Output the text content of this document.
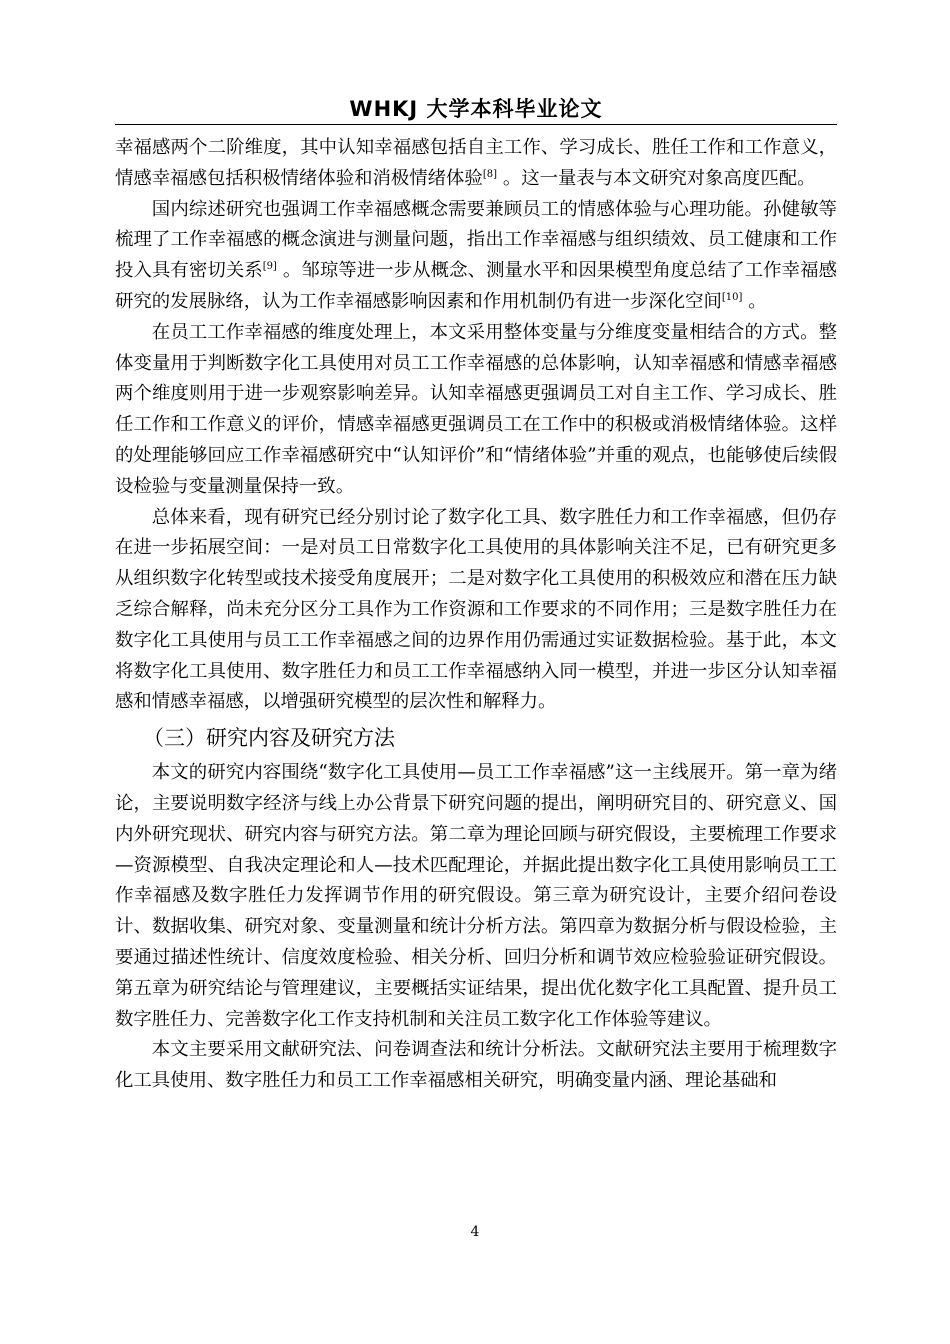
WHKJ 大学本科毕业论文

幸福感两个二阶维度，其中认知幸福感包括自主工作、学习成长、胜任工作和工作意义，情感幸福感包括积极情绪体验和消极情绪体验[8] 。这一量表与本文研究对象高度匹配。

国内综述研究也强调工作幸福感概念需要兼顾员工的情感体验与心理功能。孙健敏等梳理了工作幸福感的概念演进与测量问题，指出工作幸福感与组织绩效、员工健康和工作投入具有密切关系[9] 。邹琼等进一步从概念、测量水平和因果模型角度总结了工作幸福感研究的发展脉络，认为工作幸福感影响因素和作用机制仍有进一步深化空间[10] 。

在员工工作幸福感的维度处理上，本文采用整体变量与分维度变量相结合的方式。整体变量用于判断数字化工具使用对员工工作幸福感的总体影响，认知幸福感和情感幸福感两个维度则用于进一步观察影响差异。认知幸福感更强调员工对自主工作、学习成长、胜任工作和工作意义的评价，情感幸福感更强调员工在工作中的积极或消极情绪体验。这样的处理能够回应工作幸福感研究中“认知评价”和“情绪体验”并重的观点，也能够使后续假设检验与变量测量保持一致。

总体来看，现有研究已经分别讨论了数字化工具、数字胜任力和工作幸福感，但仍存在进一步拓展空间：一是对员工日常数字化工具使用的具体影响关注不足，已有研究更多从组织数字化转型或技术接受角度展开；二是对数字化工具使用的积极效应和潜在压力缺乏综合解释，尚未充分区分工具作为工作资源和工作要求的不同作用；三是数字胜任力在数字化工具使用与员工工作幸福感之间的边界作用仍需通过实证数据检验。基于此，本文将数字化工具使用、数字胜任力和员工工作幸福感纳入同一模型，并进一步区分认知幸福感和情感幸福感，以增强研究模型的层次性和解释力。

（三）研究内容及研究方法

本文的研究内容围绕“数字化工具使用—员工工作幸福感”这一主线展开。第一章为绪论，主要说明数字经济与线上办公背景下研究问题的提出，阐明研究目的、研究意义、国内外研究现状、研究内容与研究方法。第二章为理论回顾与研究假设，主要梳理工作要求—资源模型、自我决定理论和人—技术匹配理论，并据此提出数字化工具使用影响员工工作幸福感及数字胜任力发挥调节作用的研究假设。第三章为研究设计，主要介绍问卷设计、数据收集、研究对象、变量测量和统计分析方法。第四章为数据分析与假设检验，主要通过描述性统计、信度效度检验、相关分析、回归分析和调节效应检验验证研究假设。第五章为研究结论与管理建议，主要概括实证结果，提出优化数字化工具配置、提升员工数字胜任力、完善数字化工作支持机制和关注员工数字化工作体验等建议。

本文主要采用文献研究法、问卷调查法和统计分析法。文献研究法主要用于梳理数字化工具使用、数字胜任力和员工工作幸福感相关研究，明确变量内涵、理论基础和

4
